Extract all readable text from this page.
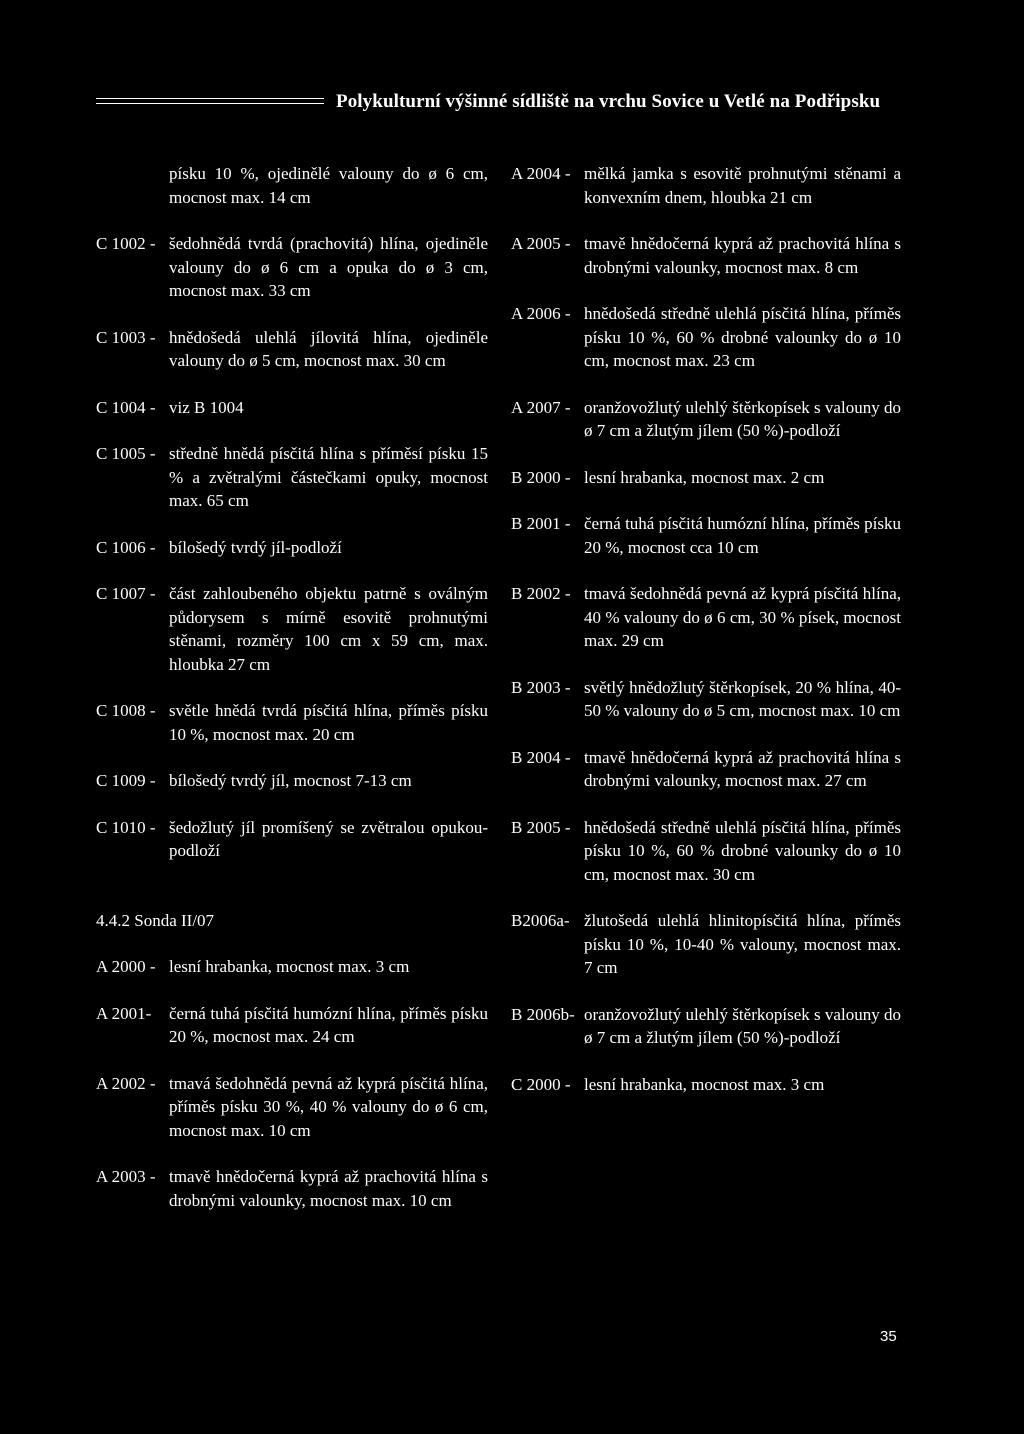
Polykulturní výšinné sídliště na vrchu Sovice u Vetlé na Podřipsku
písku 10 %, ojedinělé valouny do ø 6 cm, mocnost max. 14 cm
C 1002 - šedohnědá tvrdá (prachovitá) hlína, ojediněle valouny do ø 6 cm a opuka do ø 3 cm, mocnost max. 33 cm
C 1003 - hnědošedá ulehlá jílovitá hlína, ojediněle valouny do ø 5 cm, mocnost max. 30 cm
C 1004 - viz B 1004
C 1005 - středně hnědá písčitá hlína s příměsí písku 15 % a zvětralými částečkami opuky, mocnost max. 65 cm
C 1006 - bílošedý tvrdý jíl-podloží
C 1007 - část zahloubeného objektu patrně s oválným půdorysem s mírně esovitě prohnutými stěnami, rozměry 100 cm x 59 cm, max. hloubka 27 cm
C 1008 - světle hnědá tvrdá písčitá hlína, příměs písku 10 %, mocnost max. 20 cm
C 1009 - bílošedý tvrdý jíl, mocnost 7-13 cm
C 1010 - šedožlutý jíl promíšený se zvětralou opukou-podloží
4.4.2 Sonda II/07
A 2000 - lesní hrabanka, mocnost max. 3 cm
A 2001-	černá tuhá písčitá humózní hlína, příměs písku 20 %, mocnost max. 24 cm
A 2002 - tmavá šedohnědá pevná až kyprá písčitá hlína, příměs písku 30 %, 40 % valouny do ø 6 cm, mocnost max. 10 cm
A 2003 - tmavě hnědočerná kyprá až prachovitá hlína s drobnými valounky, mocnost max. 10 cm
A 2004 - mělká jamka s esovitě prohnutými stěnami a konvexním dnem, hloubka 21 cm
A 2005 - tmavě hnědočerná kyprá až prachovitá hlína s drobnými valounky, mocnost max. 8 cm
A 2006 - hnědošedá středně ulehlá písčitá hlína, příměs písku 10 %, 60 % drobné valounky do ø 10 cm, mocnost max. 23 cm
A 2007 - oranžovožlutý ulehlý štěrkopísek s valouny do ø 7 cm a žlutým jílem (50 %)-podloží
B 2000 - lesní hrabanka, mocnost max. 2 cm
B 2001 - černá tuhá písčitá humózní hlína, příměs písku 20 %, mocnost cca 10 cm
B 2002 - tmavá šedohnědá pevná až kyprá písčitá hlína, 40 % valouny do ø 6 cm, 30 % písek, mocnost max. 29 cm
B 2003 - světlý hnědožlutý štěrkopísek, 20 % hlína, 40-50 % valouny do ø 5 cm, mocnost max. 10 cm
B 2004 - tmavě hnědočerná kyprá až prachovitá hlína s drobnými valounky, mocnost max. 27 cm
B 2005 - hnědošedá středně ulehlá písčitá hlína, příměs písku 10 %, 60 % drobné valounky do ø 10 cm, mocnost max. 30 cm
B2006a- žlutošedá ulehlá hlinitopísčitá hlína, příměs písku 10 %, 10-40 % valouny, mocnost max. 7 cm
B 2006b- oranžovožlutý ulehlý štěrkopísek s valouny do ø 7 cm a žlutým jílem (50 %)-podloží
C 2000 - lesní hrabanka, mocnost max. 3 cm
35
